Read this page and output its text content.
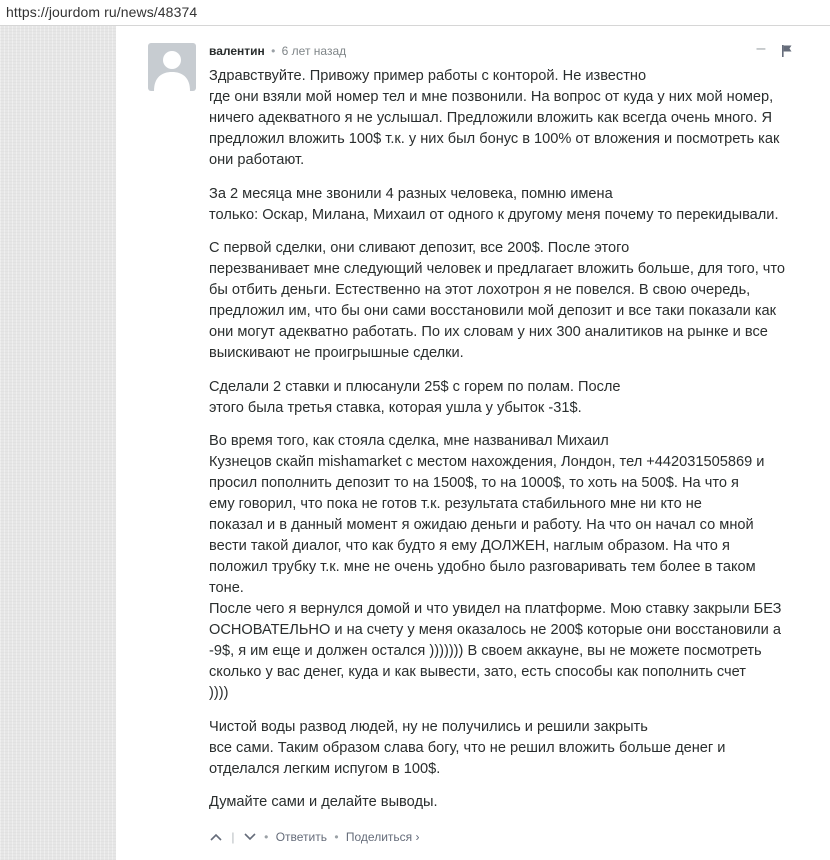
https://jourdom ru/news/48374
валентин • 6 лет назад	–
Здравствуйте. Привожу пример работы с конторой. Не известно
где они взяли мой номер тел и мне позвонили. На вопрос от куда у них мой номер,
ничего адекватного я не услышал. Предложили вложить как всегда очень много. Я
предложил вложить 100$ т.к. у них был бонус в 100% от вложения и посмотреть как
они работают.
За 2 месяца мне звонили 4 разных человека, помню имена
только: Оскар, Милана, Михаил от одного к другому меня почему то перекидывали.
С первой сделки, они сливают депозит, все 200$. После этого
перезванивает мне следующий человек и предлагает вложить больше, для того, что
бы отбить деньги. Естественно на этот лохотрон я не повелся. В свою очередь,
предложил им, что бы они сами восстановили мой депозит и все таки показали как
они могут адекватно работать. По их словам у них 300 аналитиков на рынке и все
выискивают не проигрышные сделки.
Сделали 2 ставки и плюсанули 25$ с горем по полам. После
этого была третья ставка, которая ушла у убыток -31$.
Во время того, как стояла сделка, мне названивал Михаил
Кузнецов скайп mishamarket с местом нахождения, Лондон, тел +442031505869 и
просил пополнить депозит то на 1500$, то на 1000$, то хоть на 500$. На что я
ему говорил, что пока не готов т.к. результата стабильного мне ни кто не
показал и в данный момент я ожидаю деньги и работу. На что он начал со мной
вести такой диалог, что как будто я ему ДОЛЖЕН, наглым образом. На что я
положил трубку т.к. мне не очень удобно было разговаривать тем более в таком
тоне.
После чего я вернулся домой и что увидел на платформе. Мою ставку закрыли БЕЗ
ОСНОВАТЕЛЬНО и на счету у меня оказалось не 200$ которые они восстановили а
-9$, я им еще и должен остался ))))))) В своем аккауне, вы не можете посмотреть
сколько у вас денег, куда и как вывести, зато, есть способы как пополнить счет
))))
Чистой воды развод людей, ну не получились и решили закрыть
все сами. Таким образом слава богу, что не решил вложить больше денег и
отделался легким испугом в 100$.
Думайте сами и делайте выводы.
| • Ответить • Поделиться ›
